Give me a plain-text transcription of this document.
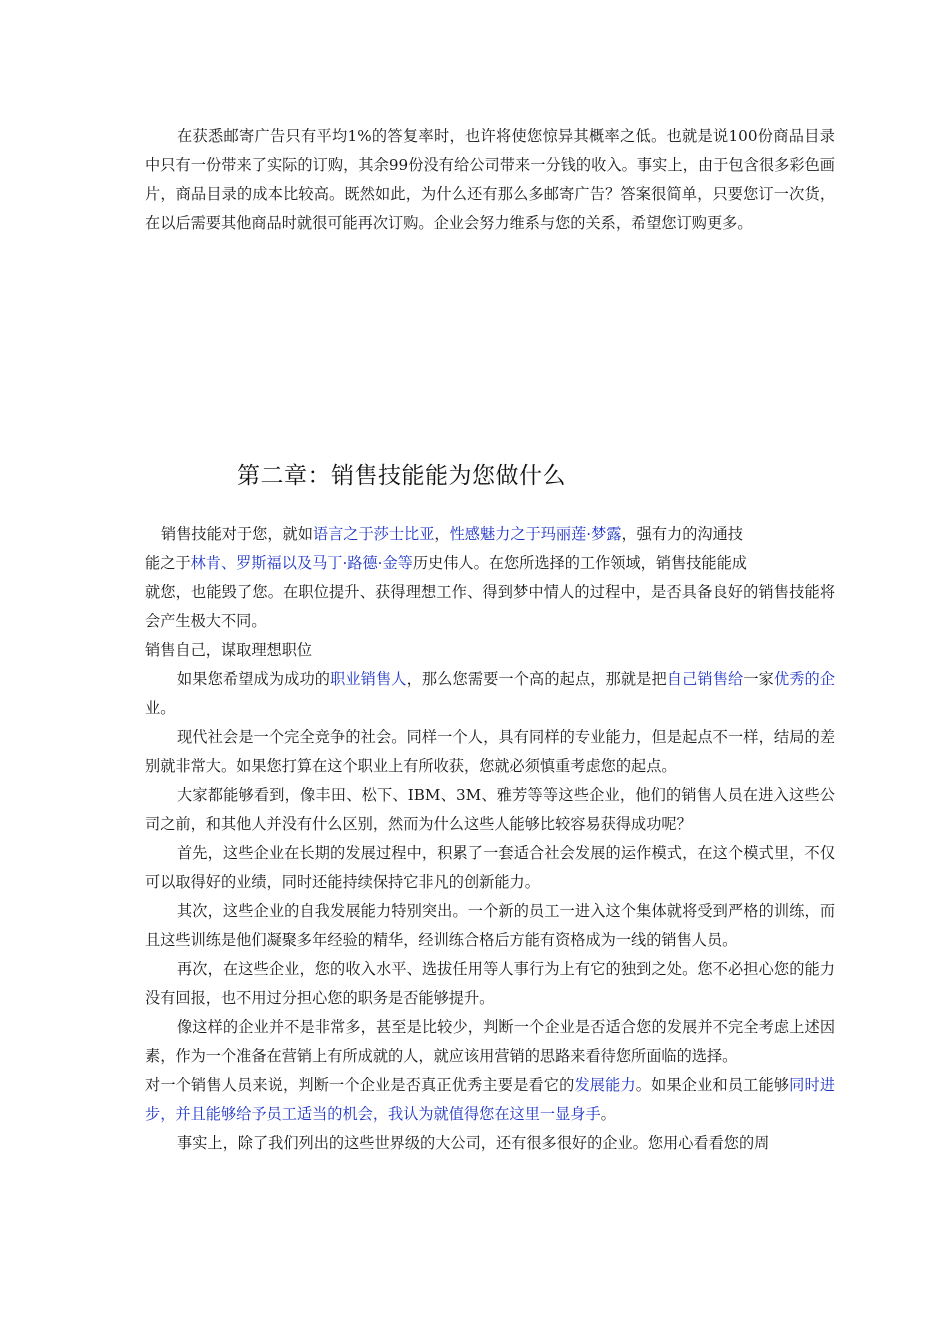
在获悉邮寄广告只有平均1%的答复率时，也许将使您惊异其概率之低。也就是说100份商品目录中只有一份带来了实际的订购，其余99份没有给公司带来一分钱的收入。事实上，由于包含很多彩色画片，商品目录的成本比较高。既然如此，为什么还有那么多邮寄广告？答案很简单，只要您订一次货，在以后需要其他商品时就很可能再次订购。企业会努力维系与您的关系，希望您订购更多。

第二章：销售技能能为您做什么

销售技能对于您，就如语言之于莎士比亚，性感魅力之于玛丽莲·梦露，强有力的沟通技

能之于林肯、罗斯福以及马丁·路德·金等历史伟人。在您所选择的工作领域，销售技能能成

就您，也能毁了您。在职位提升、获得理想工作、得到梦中情人的过程中，是否具备良好的销售技能将会产生极大不同。

销售自己，谋取理想职位

如果您希望成为成功的职业销售人，那么您需要一个高的起点，那就是把自己销售给一家优秀的企业。

现代社会是一个完全竞争的社会。同样一个人，具有同样的专业能力，但是起点不一样，结局的差别就非常大。如果您打算在这个职业上有所收获，您就必须慎重考虑您的起点。

大家都能够看到，像丰田、松下、IBM、3M、雅芳等等这些企业，他们的销售人员在进入这些公司之前，和其他人并没有什么区别，然而为什么这些人能够比较容易获得成功呢？

首先，这些企业在长期的发展过程中，积累了一套适合社会发展的运作模式，在这个模式里，不仅可以取得好的业绩，同时还能持续保持它非凡的创新能力。

其次，这些企业的自我发展能力特别突出。一个新的员工一进入这个集体就将受到严格的训练，而且这些训练是他们凝聚多年经验的精华，经训练合格后方能有资格成为一线的销售人员。

再次，在这些企业，您的收入水平、选拔任用等人事行为上有它的独到之处。您不必担心您的能力没有回报，也不用过分担心您的职务是否能够提升。

像这样的企业并不是非常多，甚至是比较少，判断一个企业是否适合您的发展并不完全考虑上述因素，作为一个准备在营销上有所成就的人，就应该用营销的思路来看待您所面临的选择。

对一个销售人员来说，判断一个企业是否真正优秀主要是看它的发展能力。如果企业和员工能够同时进步，并且能够给予员工适当的机会，我认为就值得您在这里一显身手。

事实上，除了我们列出的这些世界级的大公司，还有很多很好的企业。您用心看看您的周
